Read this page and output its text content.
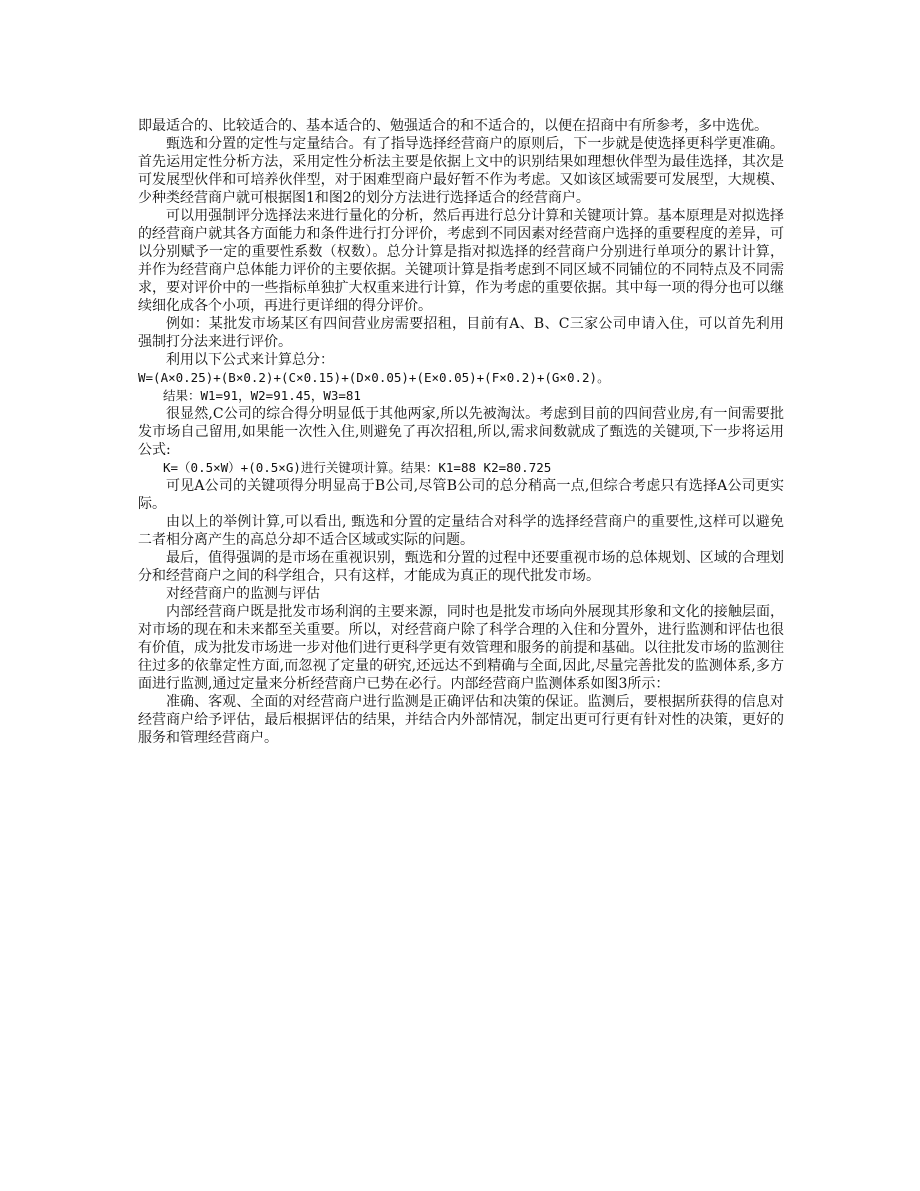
即最适合的、比较适合的、基本适合的、勉强适合的和不适合的，以便在招商中有所参考，多中选优。

甄选和分置的定性与定量结合。有了指导选择经营商户的原则后，下一步就是使选择更科学更准确。首先运用定性分析方法，采用定性分析法主要是依据上文中的识别结果如理想伙伴型为最佳选择，其次是可发展型伙伴和可培养伙伴型，对于困难型商户最好暂不作为考虑。又如该区域需要可发展型，大规模、少种类经营商户就可根据图1和图2的划分方法进行选择适合的经营商户。

可以用强制评分选择法来进行量化的分析，然后再进行总分计算和关键项计算。基本原理是对拟选择的经营商户就其各方面能力和条件进行打分评价，考虑到不同因素对经营商户选择的重要程度的差异，可以分别赋予一定的重要性系数（权数）。总分计算是指对拟选择的经营商户分别进行单项分的累计计算，并作为经营商户总体能力评价的主要依据。关键项计算是指考虑到不同区域不同铺位的不同特点及不同需求，要对评价中的一些指标单独扩大权重来进行计算，作为考虑的重要依据。其中每一项的得分也可以继续细化成各个小项，再进行更详细的得分评价。

例如：某批发市场某区有四间营业房需要招租，目前有A、B、C三家公司申请入住，可以首先利用强制打分法来进行评价。

利用以下公式来计算总分：

W=(A×0.25)+(B×0.2)+(C×0.15)+(D×0.05)+(E×0.05)+(F×0.2)+(G×0.2)。

结果：W1=91，W2=91.45，W3=81

很显然,C公司的综合得分明显低于其他两家,所以先被淘汰。考虑到目前的四间营业房,有一间需要批发市场自己留用,如果能一次性入住,则避免了再次招租,所以,需求间数就成了甄选的关键项,下一步将运用公式:

K=（0.5×W）+(0.5×G)进行关键项计算。结果：K1=88 K2=80.725

可见A公司的关键项得分明显高于B公司,尽管B公司的总分稍高一点,但综合考虑只有选择A公司更实际。

由以上的举例计算,可以看出, 甄选和分置的定量结合对科学的选择经营商户的重要性,这样可以避免二者相分离产生的高总分却不适合区域或实际的问题。

最后，值得强调的是市场在重视识别，甄选和分置的过程中还要重视市场的总体规划、区域的合理划分和经营商户之间的科学组合，只有这样，才能成为真正的现代批发市场。

对经营商户的监测与评估

内部经营商户既是批发市场利润的主要来源，同时也是批发市场向外展现其形象和文化的接触层面，对市场的现在和未来都至关重要。所以，对经营商户除了科学合理的入住和分置外，进行监测和评估也很有价值，成为批发市场进一步对他们进行更科学更有效管理和服务的前提和基础。以往批发市场的监测往往过多的依靠定性方面,而忽视了定量的研究,还远达不到精确与全面,因此,尽量完善批发的监测体系,多方面进行监测,通过定量来分析经营商户已势在必行。内部经营商户监测体系如图3所示：

准确、客观、全面的对经营商户进行监测是正确评估和决策的保证。监测后，要根据所获得的信息对经营商户给予评估，最后根据评估的结果，并结合内外部情况，制定出更可行更有针对性的决策，更好的服务和管理经营商户。
